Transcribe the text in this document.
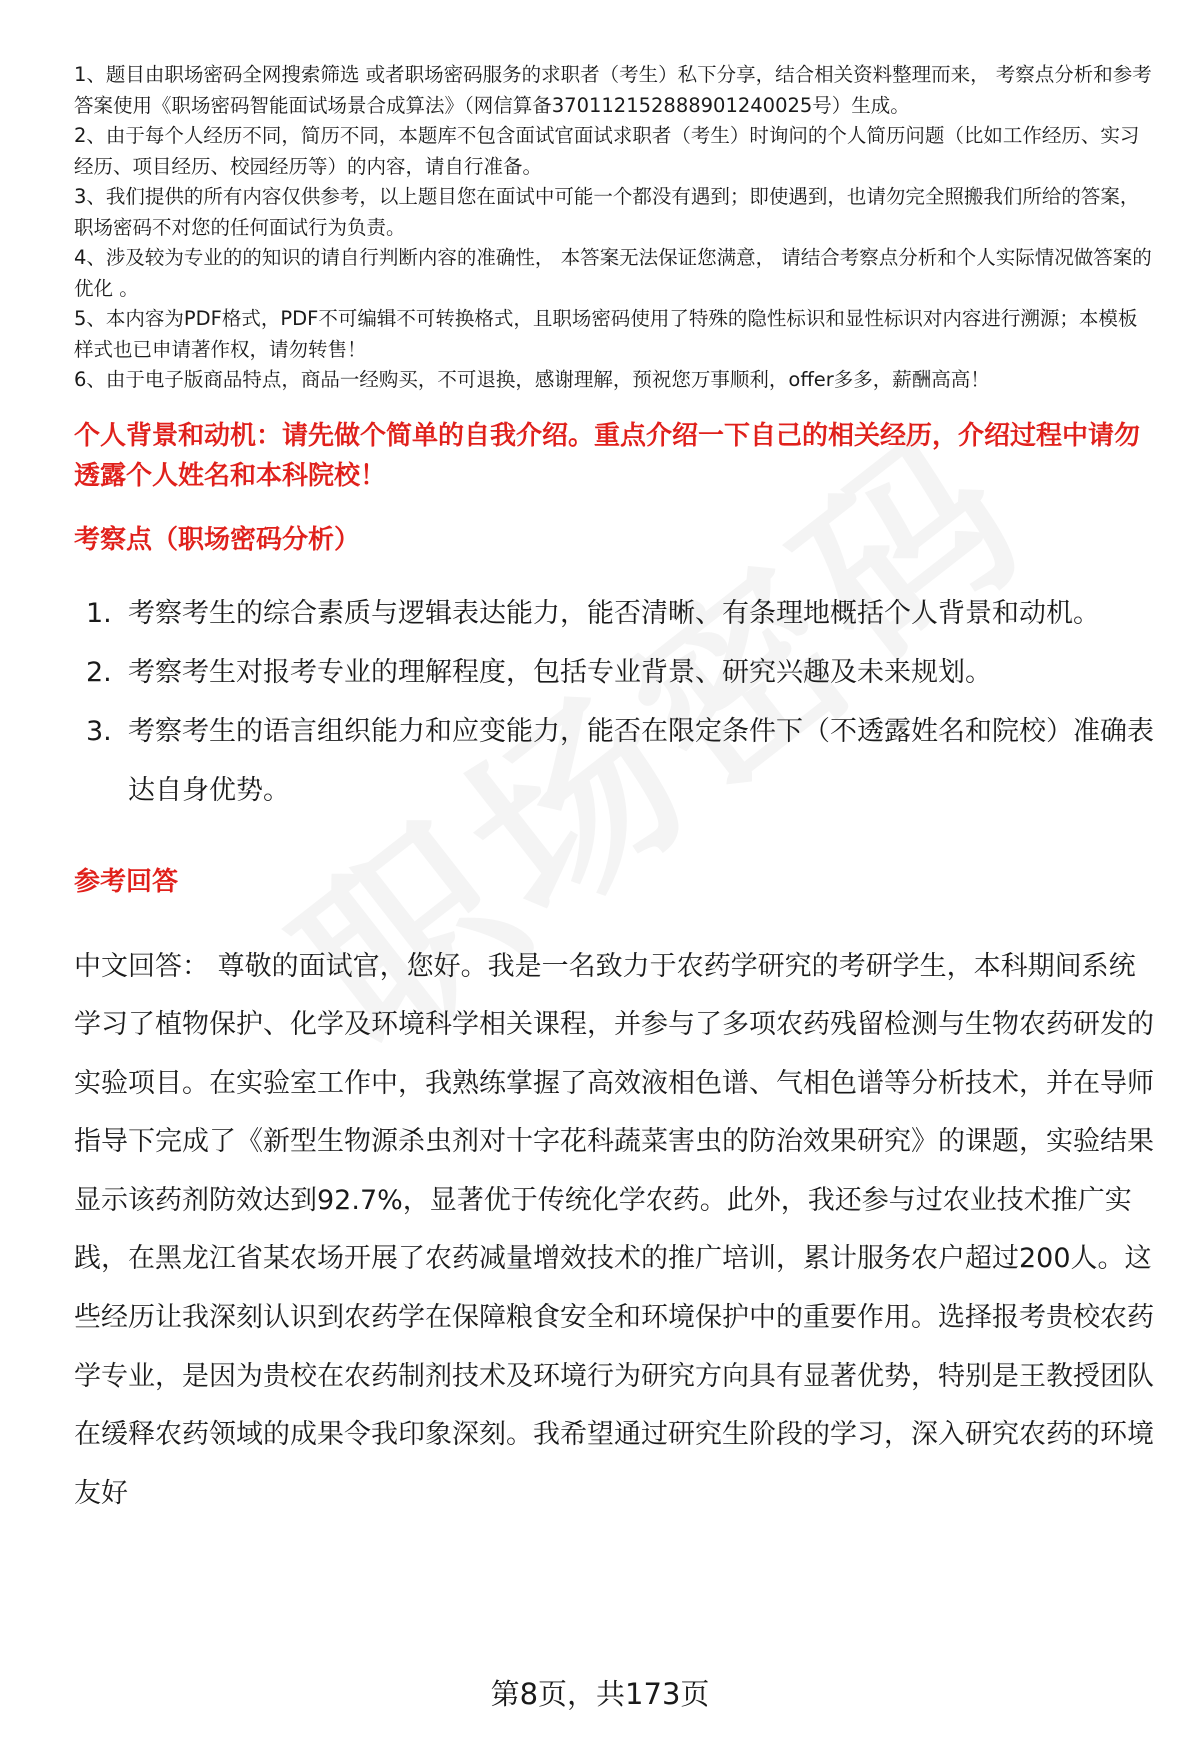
1、题目由职场密码全网搜索筛选 或者职场密码服务的求职者（考生）私下分享，结合相关资料整理而来， 考察点分析和参考答案使用《职场密码智能面试场景合成算法》（网信算备370112152888901240025号）生成。

2、由于每个人经历不同，简历不同，本题库不包含面试官面试求职者（考生）时询问的个人简历问题（比如工作经历、实习经历、项目经历、校园经历等）的内容，请自行准备。

3、我们提供的所有内容仅供参考，以上题目您在面试中可能一个都没有遇到；即使遇到，也请勿完全照搬我们所给的答案，职场密码不对您的任何面试行为负责。

4、涉及较为专业的的知识的请自行判断内容的准确性， 本答案无法保证您满意， 请结合考察点分析和个人实际情况做答案的优化 。

5、本内容为PDF格式，PDF不可编辑不可转换格式，且职场密码使用了特殊的隐性标识和显性标识对内容进行溯源；本模板样式也已申请著作权，请勿转售！

6、由于电子版商品特点，商品一经购买，不可退换，感谢理解，预祝您万事顺利，offer多多，薪酬高高！

个人背景和动机：请先做个简单的自我介绍。重点介绍一下自己的相关经历，介绍过程中请勿透露个人姓名和本科院校！
考察点（职场密码分析）
1. 考察考生的综合素质与逻辑表达能力，能否清晰、有条理地概括个人背景和动机。
2. 考察考生对报考专业的理解程度，包括专业背景、研究兴趣及未来规划。
3. 考察考生的语言组织能力和应变能力，能否在限定条件下（不透露姓名和院校）准确表达自身优势。
参考回答

中文回答： 尊敬的面试官，您好。我是一名致力于农药学研究的考研学生，本科期间系统学习了植物保护、化学及环境科学相关课程，并参与了多项农药残留检测与生物农药研发的实验项目。在实验室工作中，我熟练掌握了高效液相色谱、气相色谱等分析技术，并在导师指导下完成了《新型生物源杀虫剂对十字花科蔬菜害虫的防治效果研究》的课题，实验结果显示该药剂防效达到92.7%，显著优于传统化学农药。此外，我还参与过农业技术推广实践，在黑龙江省某农场开展了农药减量增效技术的推广培训，累计服务农户超过200人。这些经历让我深刻认识到农药学在保障粮食安全和环境保护中的重要作用。选择报考贵校农药学专业，是因为贵校在农药制剂技术及环境行为研究方向具有显著优势，特别是王教授团队在缓释农药领域的成果令我印象深刻。我希望通过研究生阶段的学习，深入研究农药的环境友好

第8页，共173页
